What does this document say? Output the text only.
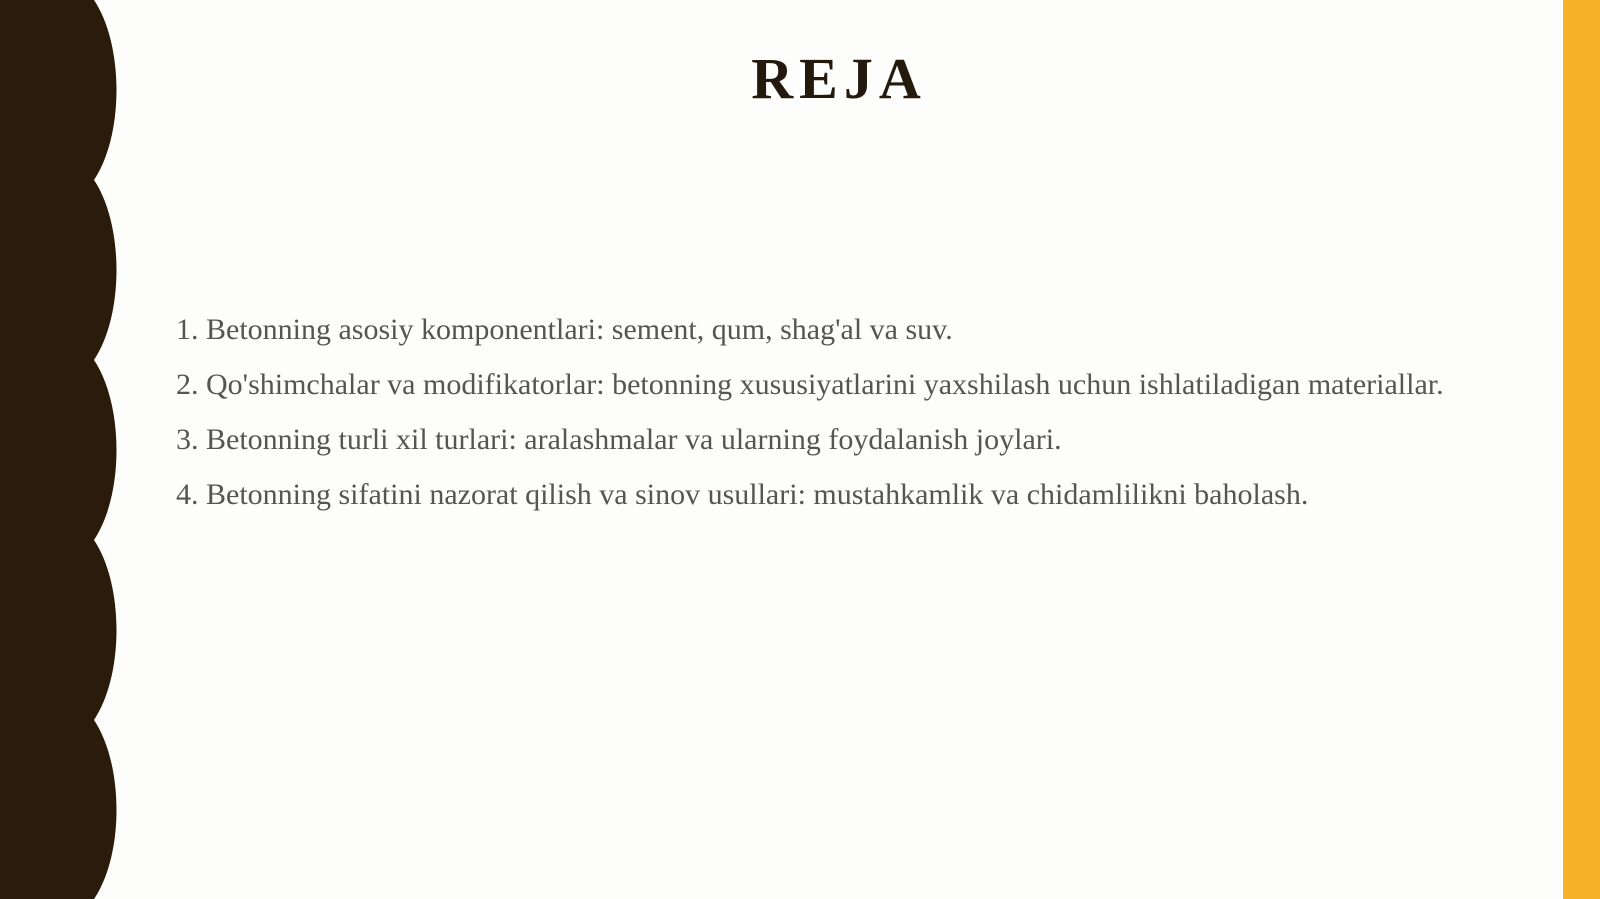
REJA
1. Betonning asosiy komponentlari: sement, qum, shag'al va suv.
2. Qo'shimchalar va modifikatorlar: betonning xususiyatlarini yaxshilash uchun ishlatiladigan materiallar.
3. Betonning turli xil turlari: aralashmalar va ularning foydalanish joylari.
4. Betonning sifatini nazorat qilish va sinov usullari: mustahkamlik va chidamlilikni baholash.
